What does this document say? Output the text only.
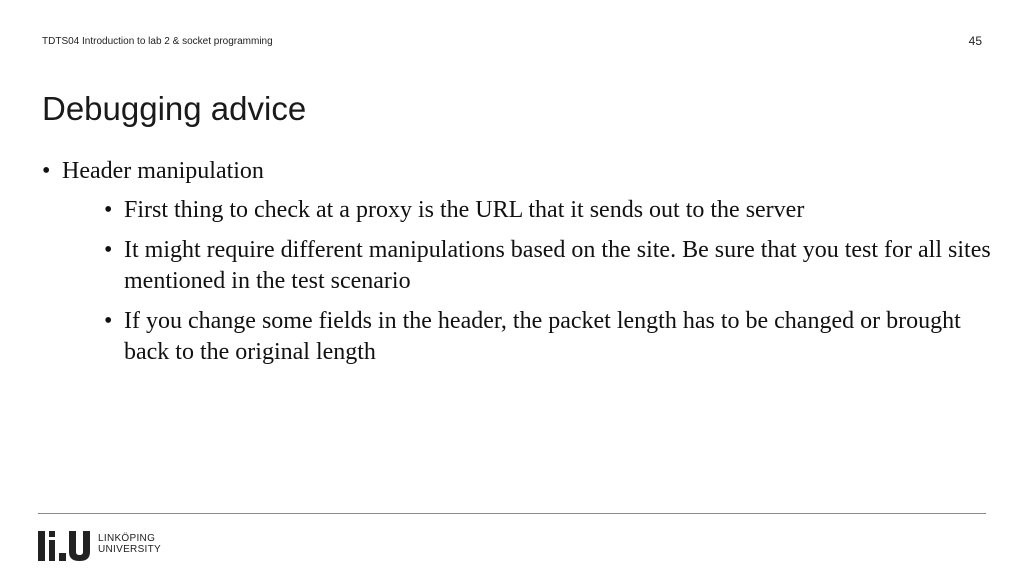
TDTS04 Introduction to lab 2 & socket programming	45
Debugging advice
• Header manipulation
• First thing to check at a proxy is the URL that it sends out to the server
• It might require different manipulations based on the site. Be sure that you test for all sites mentioned in the test scenario
• If you change some fields in the header, the packet length has to be changed or brought back to the original length
LINKÖPING
UNIVERSITY
